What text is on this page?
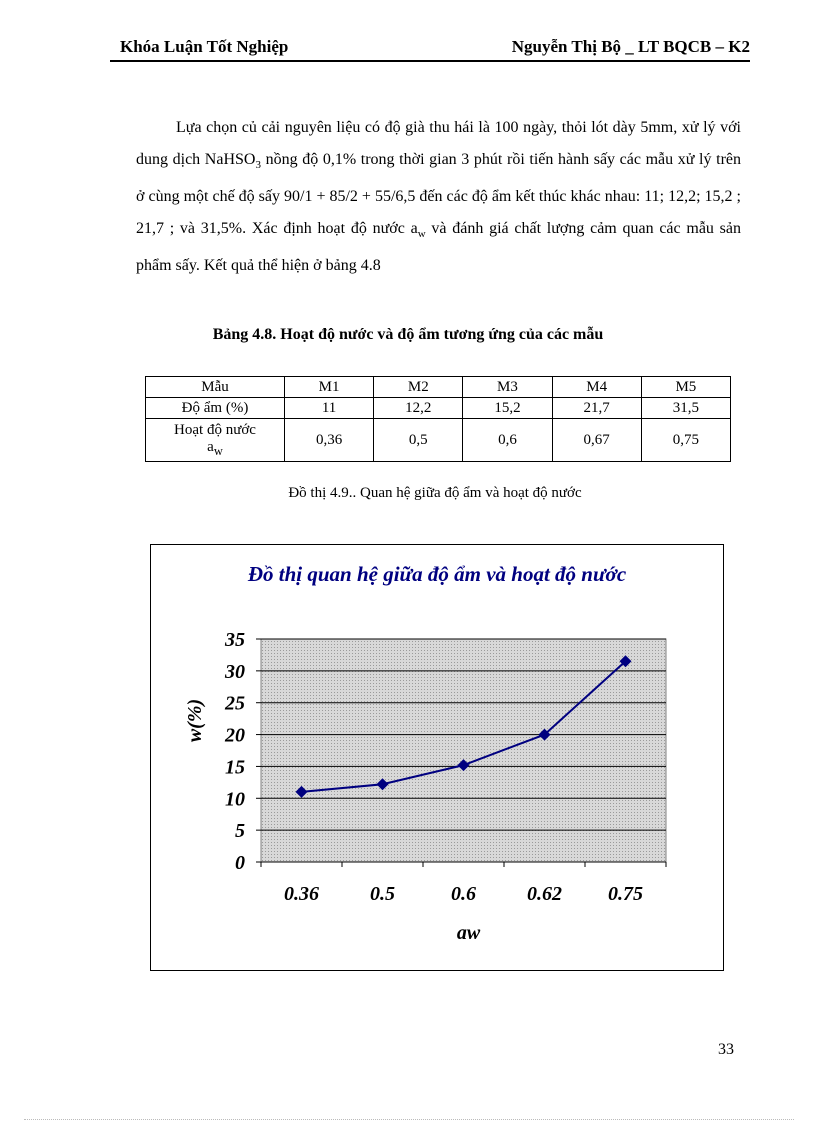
Khóa Luận Tốt Nghiệp	Nguyễn Thị Bộ _ LT BQCB – K2
Lựa chọn củ cải nguyên liệu có độ già thu hái là 100 ngày, thỏi lót dày 5mm, xử lý với dung dịch NaHSO$_3$ nồng độ 0,1% trong thời gian 3 phút rồi tiến hành sấy các mẫu xử lý trên ở cùng một chế độ sấy 90/1 + 85/2 + 55/6,5 đến các độ ẩm kết thúc khác nhau: 11; 12,2; 15,2 ; 21,7 ; và 31,5%. Xác định hoạt độ nước $a_w$ và đánh giá chất lượng cảm quan các mẫu sản phẩm sấy. Kết quả thể hiện ở bảng 4.8
Bảng 4.8. Hoạt độ nước và độ ẩm tương ứng của các mẫu
Mẫu	M1	M2	M3	M4	M5
Độ ẩm (%)	11	12,2	15,2	21,7	31,5
Hoạt độ nước
$a_w$	0,36	0,5	0,6	0,67	0,75
Đồ thị 4.9.. Quan hệ giữa độ ẩm và hoạt độ nước
Đồ thị quan hệ giữa độ ẩm và hoạt độ nước
0
5
10
15
20
25
30
35
0.36	0.5	0.6	0.62 0.75
w(%)
aw
33
